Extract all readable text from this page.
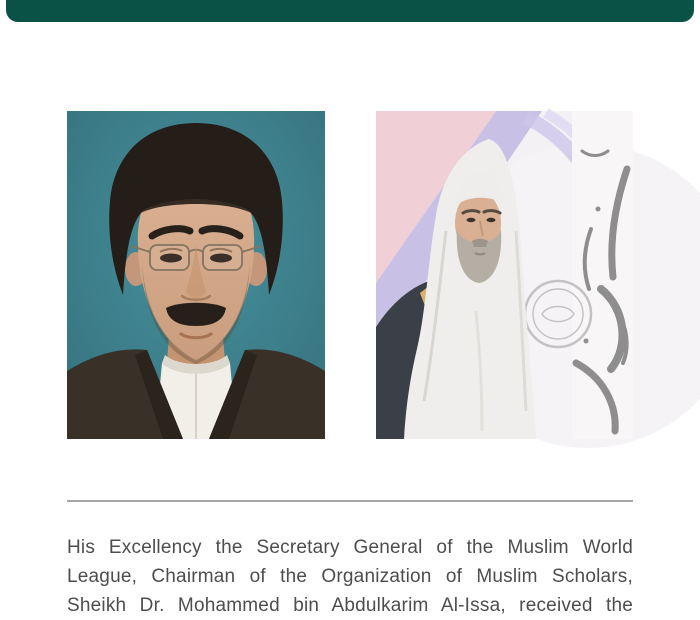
His Excellency the Secretary General of the Muslim World
League, Chairman of the Organization of Muslim Scholars,
Sheikh Dr. Mohammed bin Abdulkarim Al-Issa, received the
